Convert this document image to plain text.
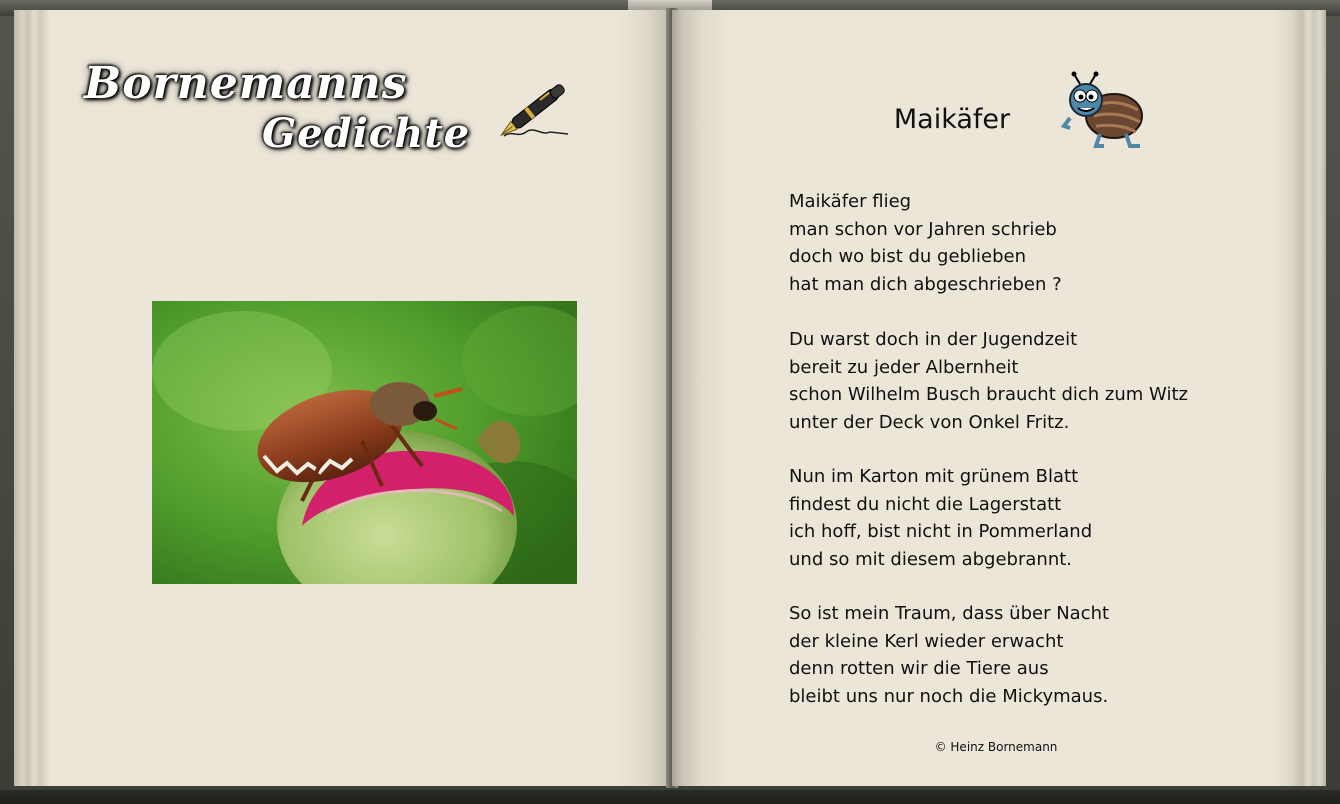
Bornemanns
Gedichte	Maikäfer
Maikäfer flieg
man schon vor Jahren schrieb
doch wo bist du geblieben
hat man dich abgeschrieben ?
Du warst doch in der Jugendzeit
bereit zu jeder Albernheit
schon Wilhelm Busch braucht dich zum Witz
unter der Deck von Onkel Fritz.
Nun im Karton mit grünem Blatt
findest du nicht die Lagerstatt
ich hoff, bist nicht in Pommerland
und so mit diesem abgebrannt.
So ist mein Traum, dass über Nacht
der kleine Kerl wieder erwacht
denn rotten wir die Tiere aus
bleibt uns nur noch die Mickymaus.
© Heinz Bornemann
